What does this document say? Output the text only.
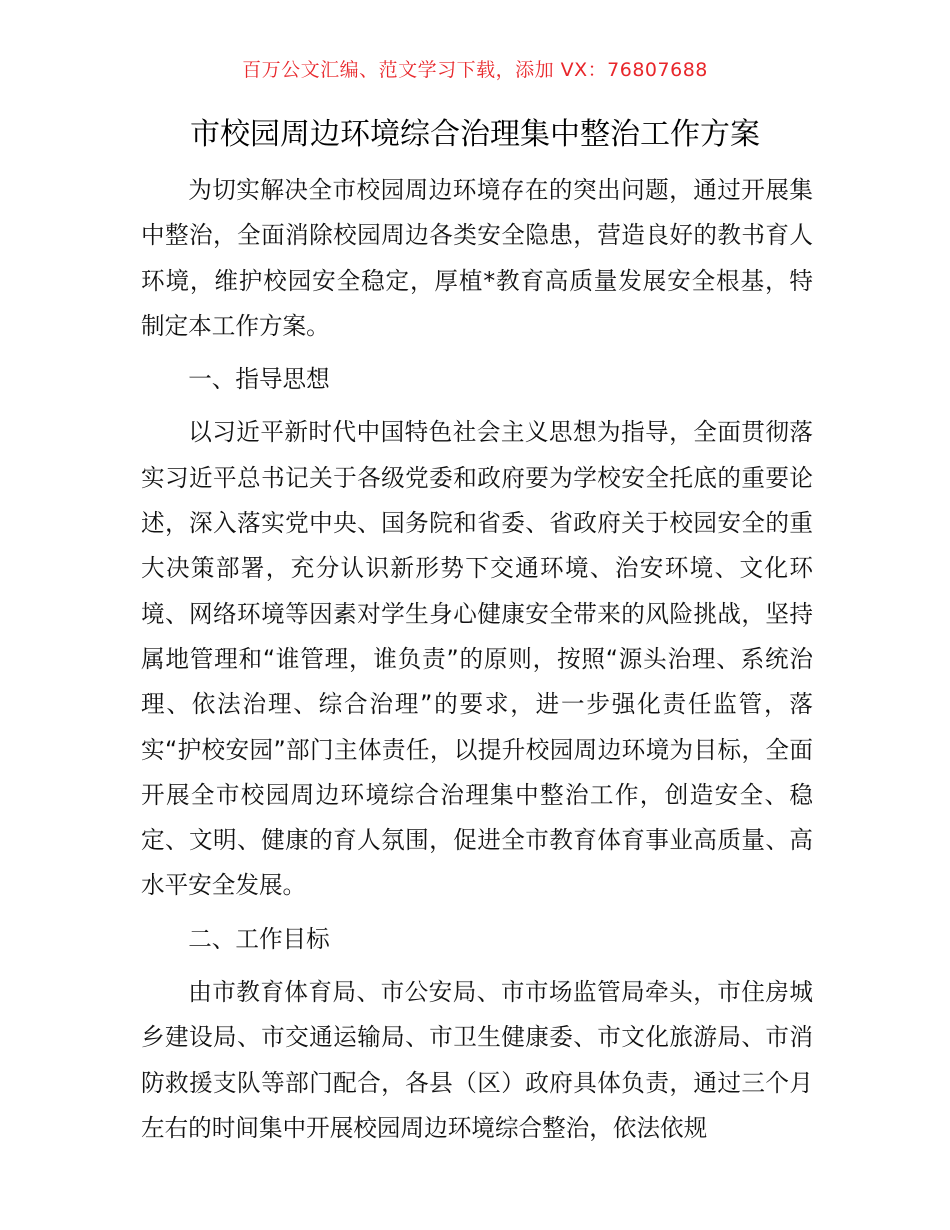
百万公文汇编、范文学习下载，添加 VX：76807688
市校园周边环境综合治理集中整治工作方案

为切实解决全市校园周边环境存在的突出问题，通过开展集中整治，全面消除校园周边各类安全隐患，营造良好的教书育人环境，维护校园安全稳定，厚植*教育高质量发展安全根基，特制定本工作方案。

一、指导思想

以习近平新时代中国特色社会主义思想为指导，全面贯彻落实习近平总书记关于各级党委和政府要为学校安全托底的重要论述，深入落实党中央、国务院和省委、省政府关于校园安全的重大决策部署，充分认识新形势下交通环境、治安环境、文化环境、网络环境等因素对学生身心健康安全带来的风险挑战，坚持属地管理和“谁管理，谁负责”的原则，按照“源头治理、系统治理、依法治理、综合治理”的要求，进一步强化责任监管，落实“护校安园”部门主体责任，以提升校园周边环境为目标，全面开展全市校园周边环境综合治理集中整治工作，创造安全、稳定、文明、健康的育人氛围，促进全市教育体育事业高质量、高水平安全发展。

二、工作目标

由市教育体育局、市公安局、市市场监管局牵头，市住房城乡建设局、市交通运输局、市卫生健康委、市文化旅游局、市消防救援支队等部门配合，各县（区）政府具体负责，通过三个月左右的时间集中开展校园周边环境综合整治，依法依规
